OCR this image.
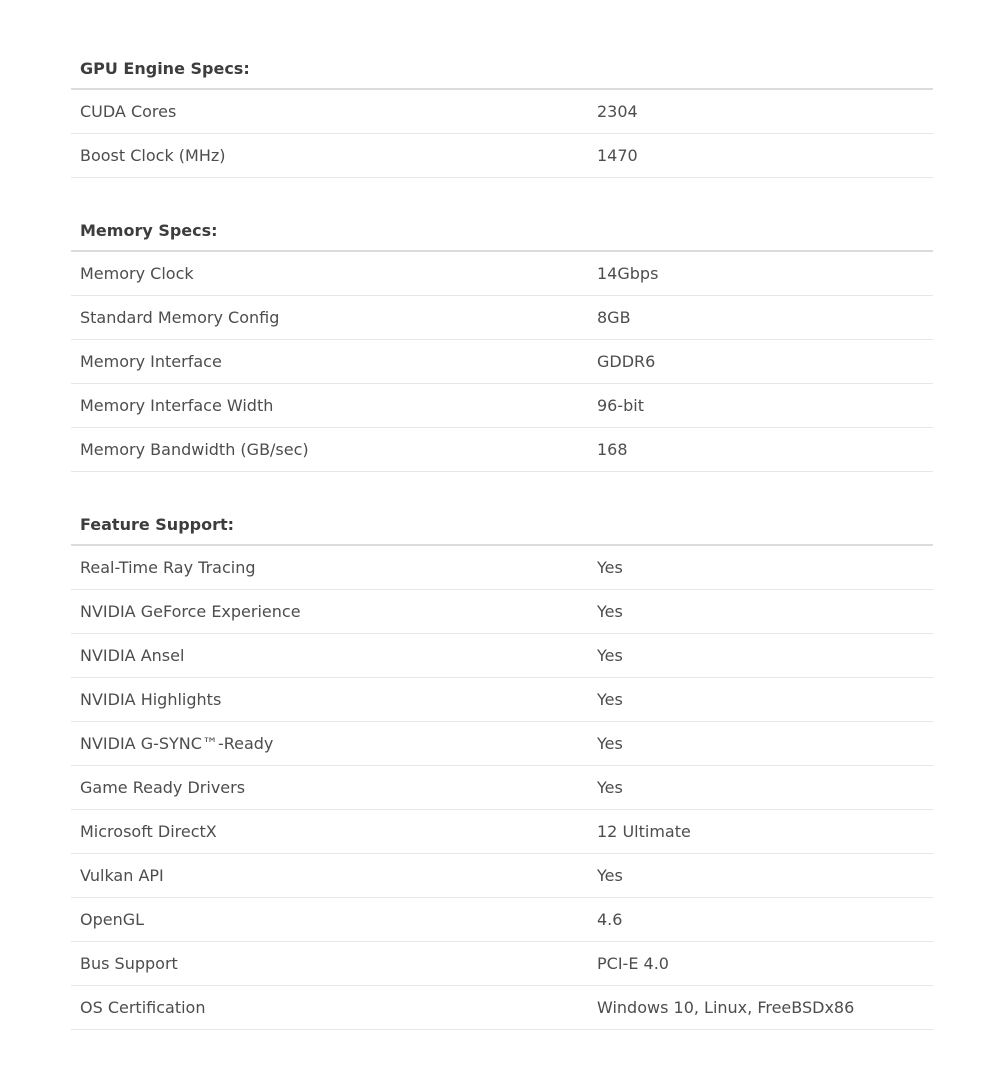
GPU Engine Specs:
CUDA Cores	2304
Boost Clock (MHz)	1470
Memory Specs:
Memory Clock	14Gbps
Standard Memory Config	8GB
Memory Interface	GDDR6
Memory Interface Width	96-bit
Memory Bandwidth (GB/sec)	168
Feature Support:
Real-Time Ray Tracing	Yes
NVIDIA GeForce Experience	Yes
NVIDIA Ansel	Yes
NVIDIA Highlights	Yes
NVIDIA G-SYNC™-Ready	Yes
Game Ready Drivers	Yes
Microsoft DirectX	12 Ultimate
Vulkan API	Yes
OpenGL	4.6
Bus Support	PCI-E 4.0
OS Certification	Windows 10, Linux, FreeBSDx86
